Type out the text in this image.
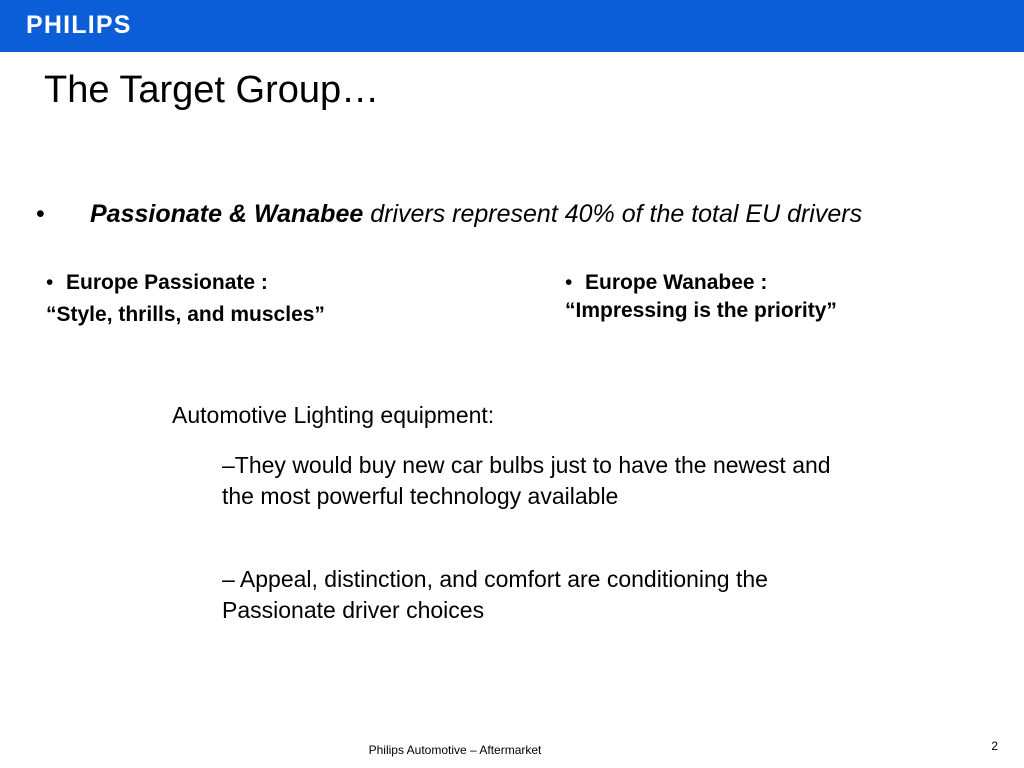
PHILIPS
The Target Group…
• Passionate & Wanabee drivers represent 40% of the total EU drivers
• Europe Passionate :
“Style, thrills, and muscles”
• Europe Wanabee :
“Impressing is the priority”
Automotive Lighting equipment:
–They would buy new car bulbs just to have the newest and the most powerful technology available
– Appeal, distinction, and comfort are conditioning the Passionate driver choices
Philips Automotive – Aftermarket	2
